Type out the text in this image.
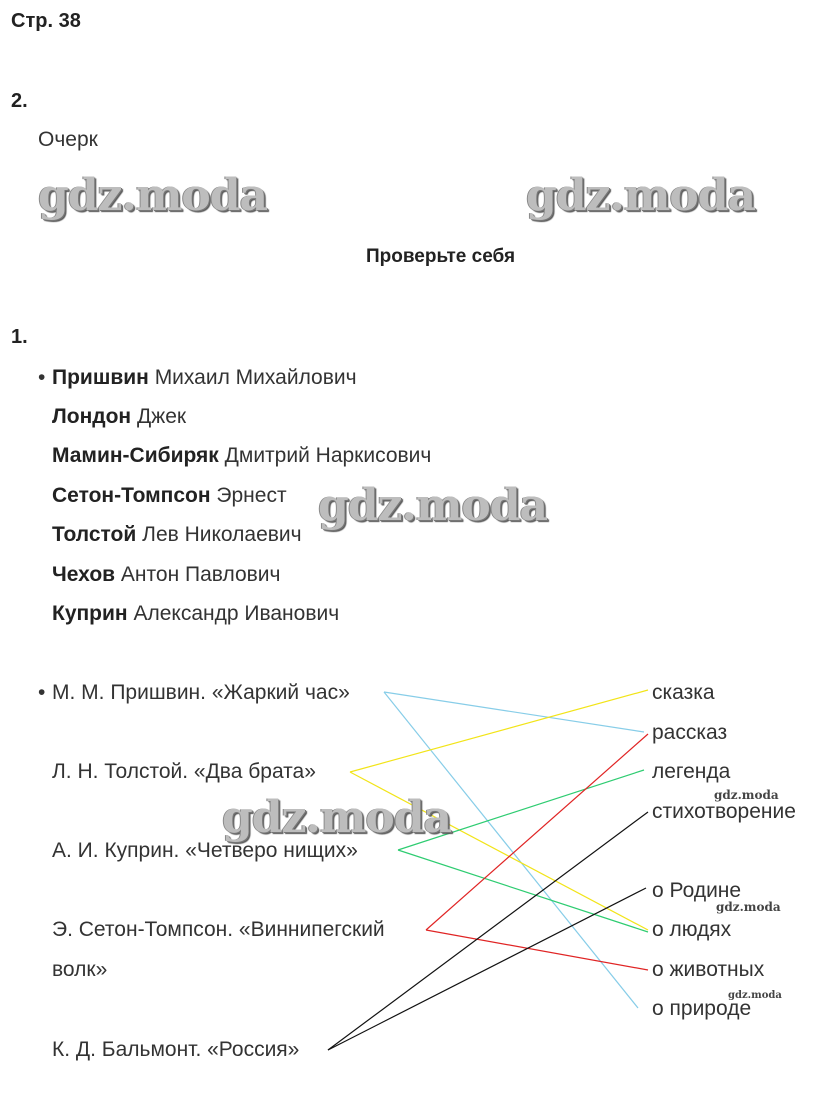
Стр. 38
2.
Очерк
gdz.moda	gdz.moda
Проверьте себя
1.
• Пришвин Михаил Михайлович
Лондон Джек
Мамин-Сибиряк Дмитрий Наркисович
Сетон-Томпсон Эрнест
Толстой Лев Николаевич
Чехов Антон Павлович
Куприн Александр Иванович
gdz.moda
• М. М. Пришвин. «Жаркий час»
Л. Н. Толстой. «Два брата»
А. И. Куприн. «Четверо нищих»
Э. Сетон-Томпсон. «Виннипегский
волк»
К. Д. Бальмонт. «Россия»
сказка
рассказ
легенда
стихотворение
о Родине
о людях
о животных
о природе
gdz.moda	gdz.moda
gdz.moda
gdz.moda
